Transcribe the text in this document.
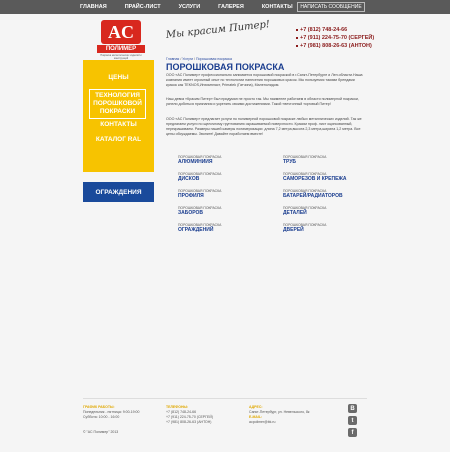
ГЛАВНАЯ	ПРАЙС-ЛИСТ	УСЛУГИ	ГАЛЕРЕЯ	КОНТАКТЫ	НАПИСАТЬ СООБЩЕНИЕ
AC
ПОЛИМЕР
Покраска металлических изделий и конструкций
Мы красим Питер!	+7 (812) 748-24-66
+7 (911) 224-75-70 (СЕРГЕЙ)
+7 (981) 808-26-63 (АНТОН)
ЦЕНЫ
ТЕХНОЛОГИЯ ПОРОШКОВОЙ ПОКРАСКИ
КОНТАКТЫ
КАТАЛОГ RAL
ОГРАЖДЕНИЯ
Главная / Услуги / Порошковая покраска
ПОРОШКОВАЯ ПОКРАСКА

ООО «АС Полимер» профессионально занимается порошковой покраской в г.Санкт-Петербурге и Лен.области.Наша компания имеет огромный опыт по технологии нанесения порошковых красок. Мы пользуемся такими брендами красок как TEKNOS,Инхимпласт, Primatek (Гатчина), Малеполидом.

Наш девиз «Красим Питер» был придуман не просто так. Мы наименее работаем в области полимерной покраски, успели добиться признания и укрепить своими достижениями. Такой «вечтонный торговый Питер!

ООО «АС Полимер» предлагает услуги по полимерной порошковой покраске любых металлических изделий. Так же предлагаем услуги по щелочному грунтованию окрашиваемой поверхности. Красим проф. лист оцинкованный, перекрашиваем. Размеры нашей камеры полимеризации: длина 7,2 метра,высота 2,3 метра,ширина 1,2 метра. Все цены обсуждаемы. Звоните! Давайте поработаем вместе!

ПОРОШКОВАЯ ПОКРАСКА
АЛЮМИНИИЯ
ПОРОШКОВАЯ ПОКРАСКА
ТРУБ
ПОРОШКОВАЯ ПОКРАСКА
ДИСКОВ
ПОРОШКОВАЯ ПОКРАСКА
САМОРЕЗОВ И КРЕПЕЖА
ПОРОШКОВАЯ ПОКРАСКА
ПРОФИЛЯ
ПОРОШКОВАЯ ПОКРАСКА
БАТАРЕЙ/РАДИАТОРОВ
ПОРОШКОВАЯ ПОКРАСКА
ЗАБОРОВ
ПОРОШКОВАЯ ПОКРАСКА
ДЕТАЛЕЙ
ПОРОШКОВАЯ ПОКРАСКА
ОГРАЖДЕНИЙ
ПОРОШКОВАЯ ПОКРАСКА
ДВЕРЕЙ
ГРАФИК РАБОТЫ:
Понедельник - пятница: 9:00-19:00
Суббота: 10:00 - 16:00
ТЕЛЕФОНЫ:
+7 (812) 748-24-66
+7 (911) 224-75-70 (СЕРГЕЙ)
+7 (981) 808-26-63 (АНТОН)
АДРЕС:
Санкт-Петербург, ул. Невельского, 8к
E-MAIL:
acpolimer@bk.ru
В
t
f
© "АС Полимер" 2013
